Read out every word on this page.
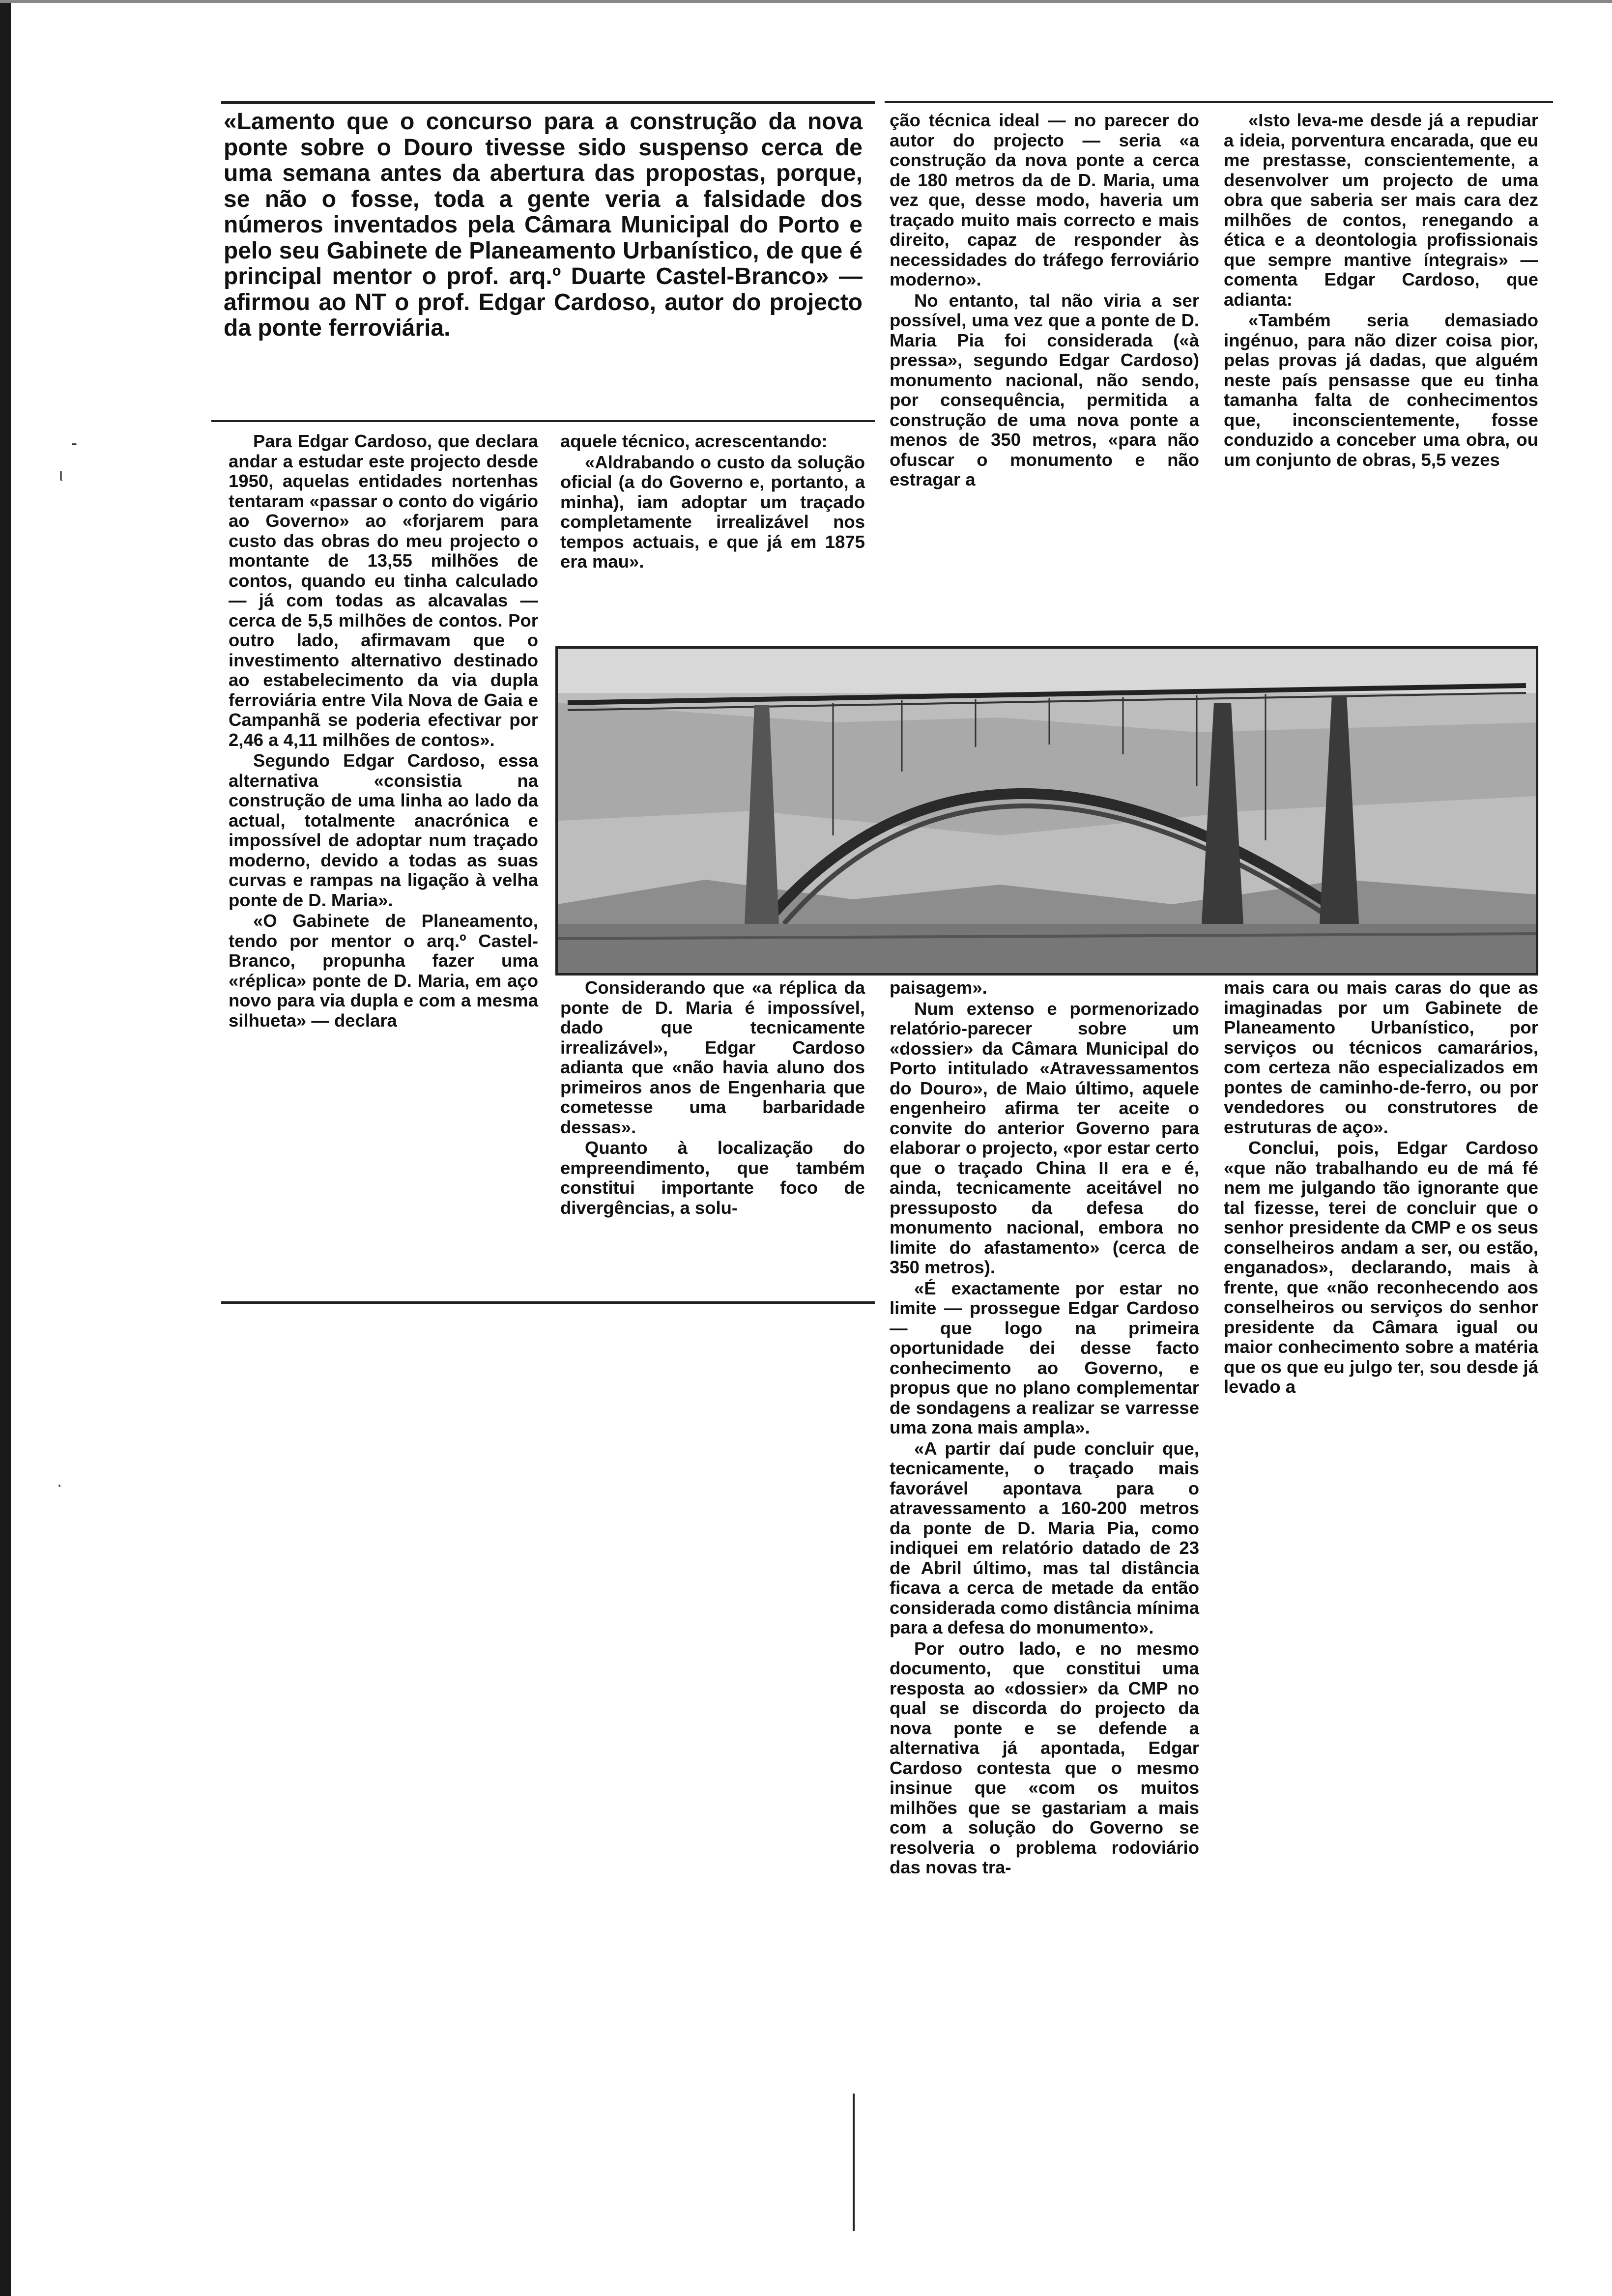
«Lamento que o concurso para a construção da nova ponte sobre o Douro tivesse sido suspenso cerca de uma semana antes da abertura das propostas, porque, se não o fosse, toda a gente veria a falsidade dos números inventados pela Câmara Municipal do Porto e pelo seu Gabinete de Planeamento Urbanístico, de que é principal mentor o prof. arq.º Duarte Castel-Branco» — afirmou ao NT o prof. Edgar Cardoso, autor do projecto da ponte ferroviária.

Para Edgar Cardoso, que declara andar a estudar este projecto desde 1950, aquelas entidades nortenhas tentaram «passar o conto do vigário ao Governo» ao «forjarem para custo das obras do meu projecto o montante de 13,55 milhões de contos, quando eu tinha calculado — já com todas as alcavalas — cerca de 5,5 milhões de contos. Por outro lado, afirmavam que o investimento alternativo destinado ao estabelecimento da via dupla ferroviária entre Vila Nova de Gaia e Campanhã se poderia efectivar por 2,46 a 4,11 milhões de contos».

Segundo Edgar Cardoso, essa alternativa «consistia na construção de uma linha ao lado da actual, totalmente anacrónica e impossível de adoptar num traçado moderno, devido a todas as suas curvas e rampas na ligação à velha ponte de D. Maria».

«O Gabinete de Planeamento, tendo por mentor o arq.º Castel-Branco, propunha fazer uma «réplica» ponte de D. Maria, em aço novo para via dupla e com a mesma silhueta» — declara

aquele técnico, acrescentando:

«Aldrabando o custo da solução oficial (a do Governo e, portanto, a minha), iam adoptar um traçado completamente irrealizável nos tempos actuais, e que já em 1875 era mau».

ção técnica ideal — no parecer do autor do projecto — seria «a construção da nova ponte a cerca de 180 metros da de D. Maria, uma vez que, desse modo, haveria um traçado muito mais correcto e mais direito, capaz de responder às necessidades do tráfego ferroviário moderno».

No entanto, tal não viria a ser possível, uma vez que a ponte de D. Maria Pia foi considerada («à pressa», segundo Edgar Cardoso) monumento nacional, não sendo, por consequência, permitida a construção de uma nova ponte a menos de 350 metros, «para não ofuscar o monumento e não estragar a

«Isto leva-me desde já a repudiar a ideia, porventura encarada, que eu me prestasse, conscientemente, a desenvolver um projecto de uma obra que saberia ser mais cara dez milhões de contos, renegando a ética e a deontologia profissionais que sempre mantive íntegrais» — comenta Edgar Cardoso, que adianta:

«Também seria demasiado ingénuo, para não dizer coisa pior, pelas provas já dadas, que alguém neste país pensasse que eu tinha tamanha falta de conhecimentos que, inconscientemente, fosse conduzido a conceber uma obra, ou um conjunto de obras, 5,5 vezes

Considerando que «a réplica da ponte de D. Maria é impossível, dado que tecnicamente irrealizável», Edgar Cardoso adianta que «não havia aluno dos primeiros anos de Engenharia que cometesse uma barbaridade dessas».

Quanto à localização do empreendimento, que também constitui importante foco de divergências, a solu-

paisagem».

Num extenso e pormenorizado relatório-parecer sobre um «dossier» da Câmara Municipal do Porto intitulado «Atravessamentos do Douro», de Maio último, aquele engenheiro afirma ter aceite o convite do anterior Governo para elaborar o projecto, «por estar certo que o traçado China II era e é, ainda, tecnicamente aceitável no pressuposto da defesa do monumento nacional, embora no limite do afastamento» (cerca de 350 metros).

«É exactamente por estar no limite — prossegue Edgar Cardoso — que logo na primeira oportunidade dei desse facto conhecimento ao Governo, e propus que no plano complementar de sondagens a realizar se varresse uma zona mais ampla».

«A partir daí pude concluir que, tecnicamente, o traçado mais favorável apontava para o atravessamento a 160-200 metros da ponte de D. Maria Pia, como indiquei em relatório datado de 23 de Abril último, mas tal distância ficava a cerca de metade da então considerada como distância mínima para a defesa do monumento».

Por outro lado, e no mesmo documento, que constitui uma resposta ao «dossier» da CMP no qual se discorda do projecto da nova ponte e se defende a alternativa já apontada, Edgar Cardoso contesta que o mesmo insinue que «com os muitos milhões que se gastariam a mais com a solução do Governo se resolveria o problema rodoviário das novas tra-

mais cara ou mais caras do que as imaginadas por um Gabinete de Planeamento Urbanístico, por serviços ou técnicos camarários, com certeza não especializados em pontes de caminho-de-ferro, ou por vendedores ou construtores de estruturas de aço».

Conclui, pois, Edgar Cardoso «que não trabalhando eu de má fé nem me julgando tão ignorante que tal fizesse, terei de concluir que o senhor presidente da CMP e os seus conselheiros andam a ser, ou estão, enganados», declarando, mais à frente, que «não reconhecendo aos conselheiros ou serviços do senhor presidente da Câmara igual ou maior conhecimento sobre a matéria que os que eu julgo ter, sou desde já levado a

-
ι
·
